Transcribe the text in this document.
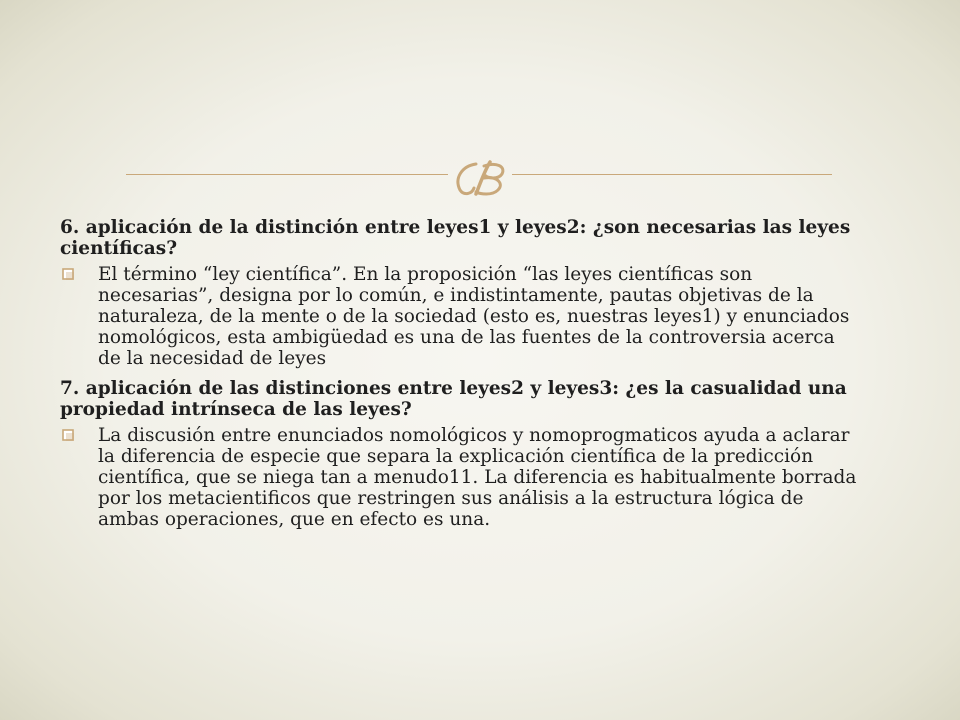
6. aplicación de la distinción entre leyes1 y leyes2: ¿son necesarias las leyes científicas?
El término “ley científica”. En la proposición “las leyes científicas son necesarias”, designa por lo común, e indistintamente, pautas objetivas de la naturaleza, de la mente o de la sociedad (esto es, nuestras leyes1) y enunciados nomológicos, esta ambigüedad es una de las fuentes de la controversia acerca de la necesidad de leyes
7. aplicación de las distinciones entre leyes2 y leyes3: ¿es la casualidad una propiedad intrínseca de las leyes?
La discusión entre enunciados nomológicos y nomoprogmaticos ayuda a aclarar la diferencia de especie que separa la explicación científica de la predicción científica, que se niega tan a menudo11. La diferencia es habitualmente borrada por los metacientificos que restringen sus análisis a la estructura lógica de ambas operaciones, que en efecto es una.
